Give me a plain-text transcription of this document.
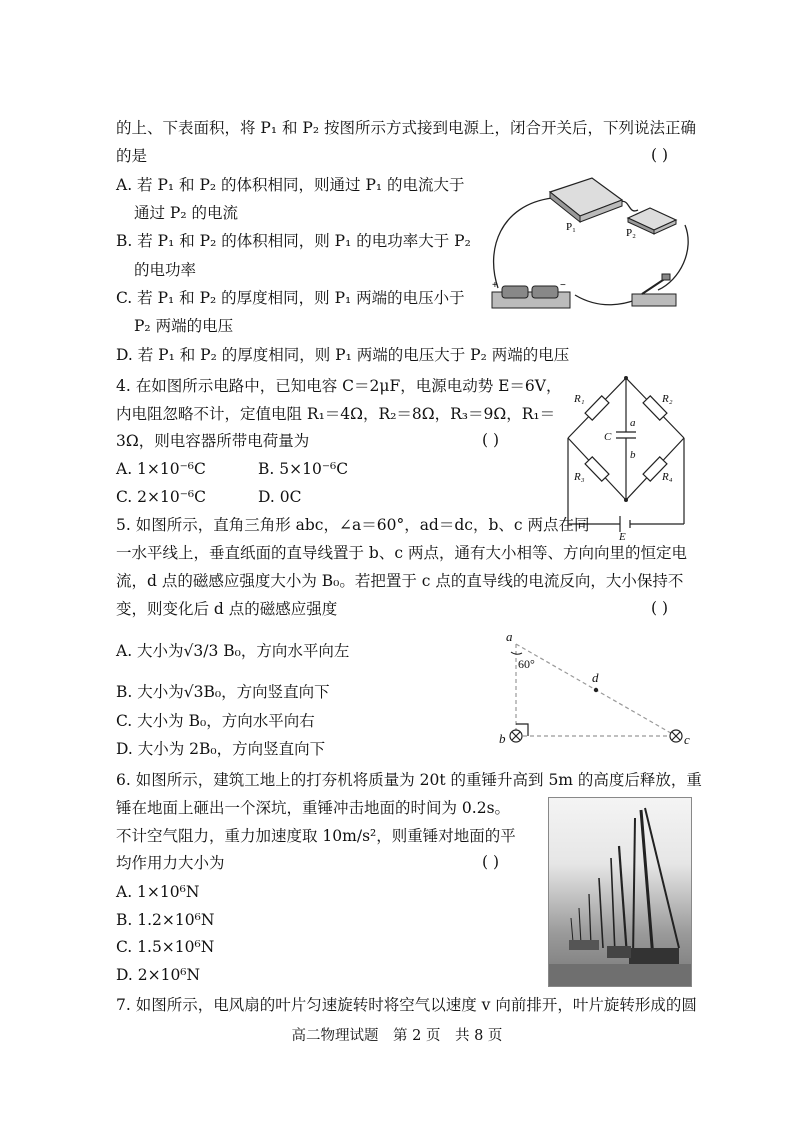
的上、下表面积，将 P₁ 和 P₂ 按图所示方式接到电源上，闭合开关后，下列说法正确
的是	( )
A. 若 P₁ 和 P₂ 的体积相同，则通过 P₁ 的电流大于
通过 P₂ 的电流
B. 若 P₁ 和 P₂ 的体积相同，则 P₁ 的电功率大于 P₂
的电功率
C. 若 P₁ 和 P₂ 的厚度相同，则 P₁ 两端的电压小于
P₂ 两端的电压
D. 若 P₁ 和 P₂ 的厚度相同，则 P₁ 两端的电压大于 P₂ 两端的电压
P₁	P₂
+	−
4. 在如图所示电路中，已知电容 C＝2μF，电源电动势 E＝6V，
内电阻忽略不计，定值电阻 R₁＝4Ω，R₂＝8Ω，R₃＝9Ω，R₁＝
3Ω，则电容器所带电荷量为	( )
A. 1×10⁻⁶C	B. 5×10⁻⁶C
C. 2×10⁻⁶C	D. 0C
R₁	R₂
R₃	R₄
C
a
b
E
5. 如图所示，直角三角形 abc，∠a＝60°，ad＝dc，b、c 两点在同
一水平线上，垂直纸面的直导线置于 b、c 两点，通有大小相等、方向向里的恒定电
流，d 点的磁感应强度大小为 B₀。若把置于 c 点的直导线的电流反向，大小保持不
变，则变化后 d 点的磁感应强度	( )
A. 大小为√3/3 B₀，方向水平向左
B. 大小为√3B₀，方向竖直向下
C. 大小为 B₀，方向水平向右
D. 大小为 2B₀，方向竖直向下
a
b	c
d
60°
6. 如图所示，建筑工地上的打夯机将质量为 20t 的重锤升高到 5m 的高度后释放，重
锤在地面上砸出一个深坑，重锤冲击地面的时间为 0.2s。
不计空气阻力，重力加速度取 10m/s²，则重锤对地面的平
均作用力大小为	( )
A. 1×10⁶N
B. 1.2×10⁶N
C. 1.5×10⁶N
D. 2×10⁶N
7. 如图所示，电风扇的叶片匀速旋转时将空气以速度 v 向前排开，叶片旋转形成的圆
高二物理试题　第 2 页　共 8 页
